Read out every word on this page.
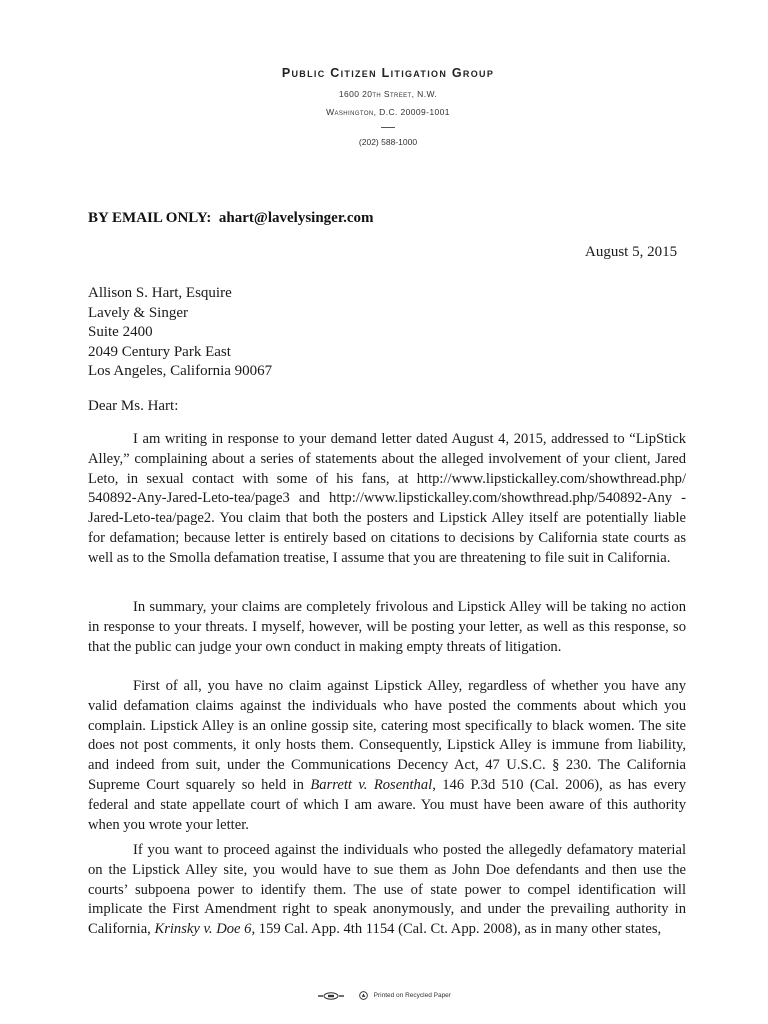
Public Citizen Litigation Group
1600 20th Street, N.W.
Washington, D.C. 20009-1001
(202) 588-1000
BY EMAIL ONLY: ahart@lavelysinger.com
August 5, 2015
Allison S. Hart, Esquire
Lavely & Singer
Suite 2400
2049 Century Park East
Los Angeles, California 90067
Dear Ms. Hart:

I am writing in response to your demand letter dated August 4, 2015, addressed to “LipStick Alley,” complaining about a series of statements about the alleged involvement of your client, Jared Leto, in sexual contact with some of his fans, at http://www.lipstickalley.com/showthread.php/ 540892-Any-Jared-Leto-tea/page3 and http://www.lipstickalley.com/showthread.php/540892-Any -Jared-Leto-tea/page2. You claim that both the posters and Lipstick Alley itself are potentially liable for defamation; because letter is entirely based on citations to decisions by California state courts as well as to the Smolla defamation treatise, I assume that you are threatening to file suit in California.

In summary, your claims are completely frivolous and Lipstick Alley will be taking no action in response to your threats. I myself, however, will be posting your letter, as well as this response, so that the public can judge your own conduct in making empty threats of litigation.

First of all, you have no claim against Lipstick Alley, regardless of whether you have any valid defamation claims against the individuals who have posted the comments about which you complain. Lipstick Alley is an online gossip site, catering most specifically to black women. The site does not post comments, it only hosts them. Consequently, Lipstick Alley is immune from liability, and indeed from suit, under the Communications Decency Act, 47 U.S.C. § 230. The California Supreme Court squarely so held in Barrett v. Rosenthal, 146 P.3d 510 (Cal. 2006), as has every federal and state appellate court of which I am aware. You must have been aware of this authority when you wrote your letter.

If you want to proceed against the individuals who posted the allegedly defamatory material on the Lipstick Alley site, you would have to sue them as John Doe defendants and then use the courts’ subpoena power to identify them. The use of state power to compel identification will implicate the First Amendment right to speak anonymously, and under the prevailing authority in California, Krinsky v. Doe 6, 159 Cal. App. 4th 1154 (Cal. Ct. App. 2008), as in many other states,

Printed on Recycled Paper
